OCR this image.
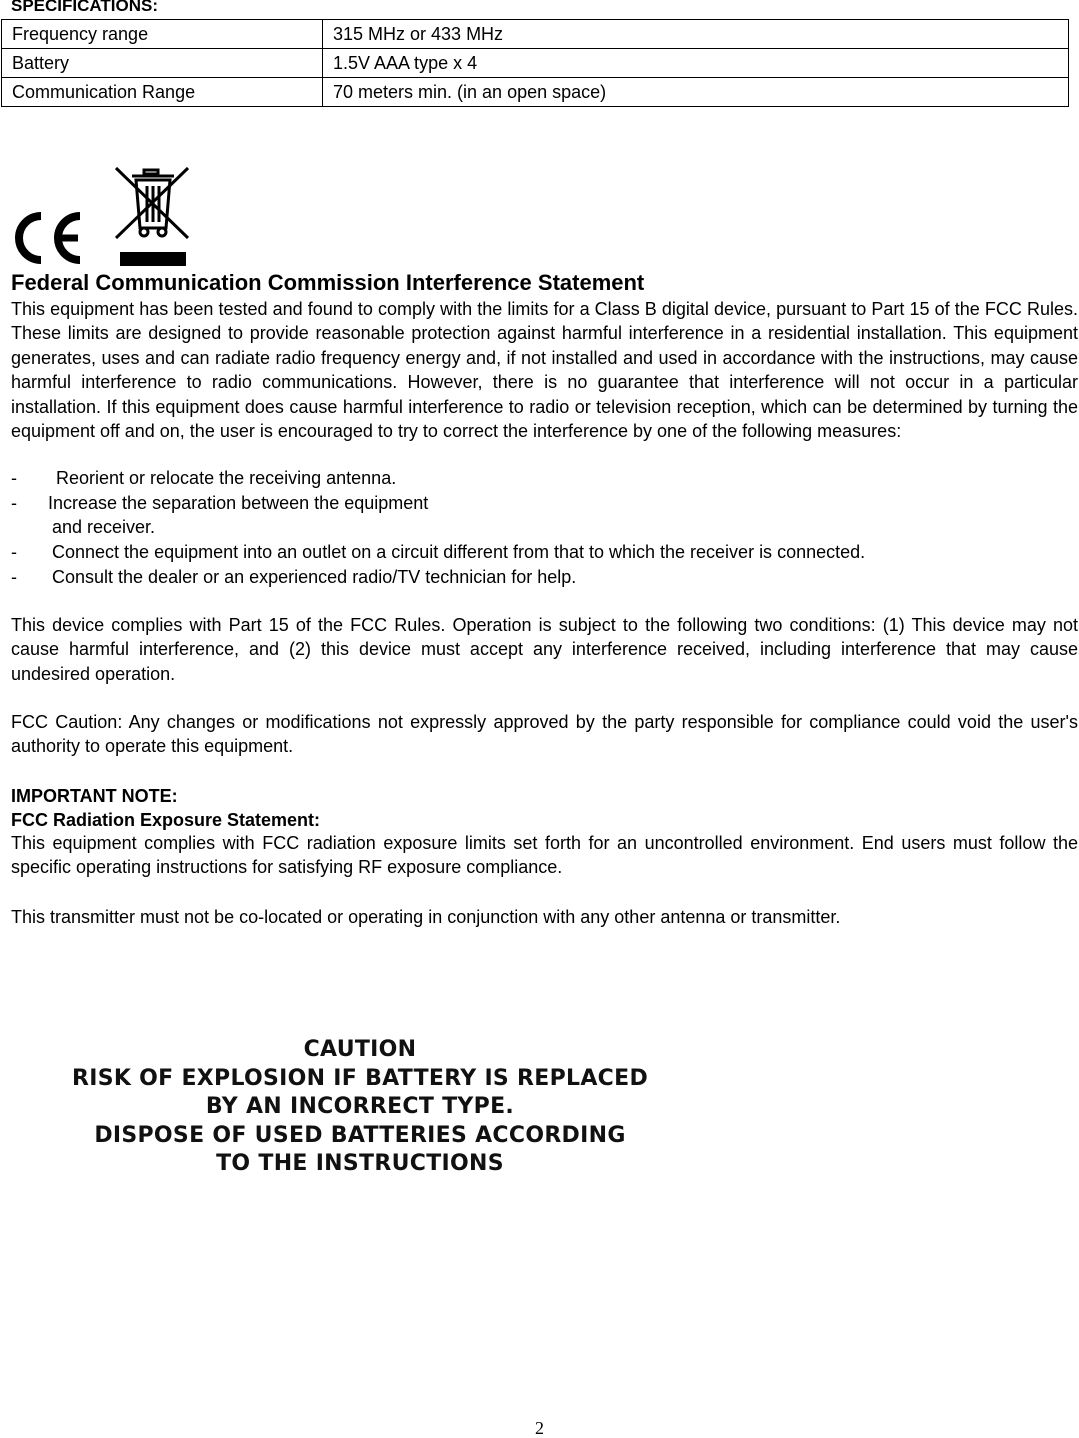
SPECIFICATIONS:
Frequency range	315 MHz or 433 MHz
Battery	1.5V AAA type x 4
Communication Range	70 meters min. (in an open space)
Federal Communication Commission Interference Statement
This equipment has been tested and found to comply with the limits for a Class B digital device, pursuant to Part 15 of the FCC Rules. These limits are designed to provide reasonable protection against harmful interference in a residential installation. This equipment generates, uses and can radiate radio frequency energy and, if not installed and used in accordance with the instructions, may cause harmful interference to radio communications. However, there is no guarantee that interference will not occur in a particular installation. If this equipment does cause harmful interference to radio or television reception, which can be determined by turning the equipment off and on, the user is encouraged to try to correct the interference by one of the following measures:
- Reorient or relocate the receiving antenna.
- Increase the separation between the equipment
and receiver.
- Connect the equipment into an outlet on a circuit different from that to which the receiver is connected.
- Consult the dealer or an experienced radio/TV technician for help.
This device complies with Part 15 of the FCC Rules. Operation is subject to the following two conditions: (1) This device may not cause harmful interference, and (2) this device must accept any interference received, including interference that may cause undesired operation.
FCC Caution: Any changes or modifications not expressly approved by the party responsible for compliance could void the user's authority to operate this equipment.
IMPORTANT NOTE:
FCC Radiation Exposure Statement:
This equipment complies with FCC radiation exposure limits set forth for an uncontrolled environment. End users must follow the specific operating instructions for satisfying RF exposure compliance.
This transmitter must not be co-located or operating in conjunction with any other antenna or transmitter.
CAUTION
RISK OF EXPLOSION IF BATTERY IS REPLACED
BY AN INCORRECT TYPE.
DISPOSE OF USED BATTERIES ACCORDING
TO THE INSTRUCTIONS
2
